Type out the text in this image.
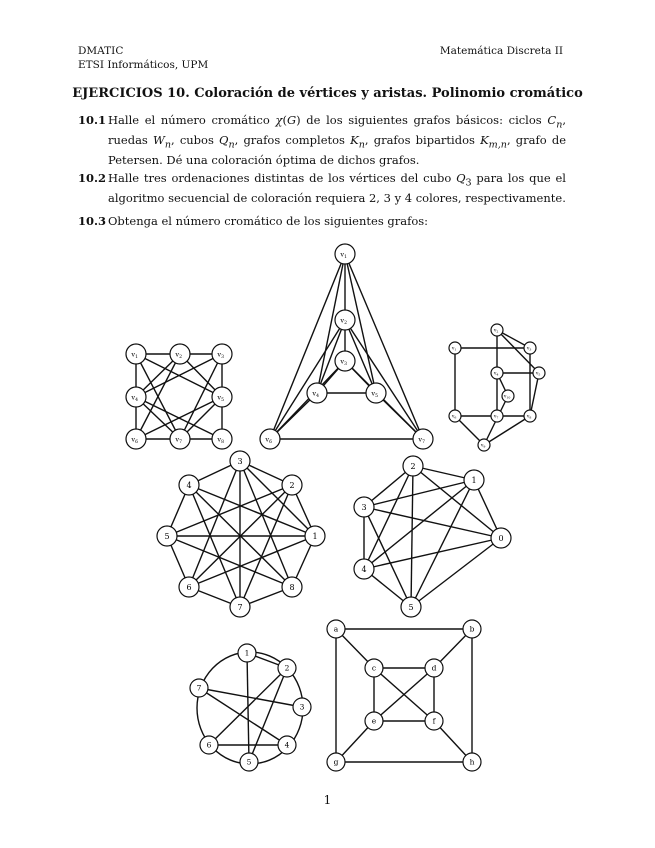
DMATIC
ETSI Informáticos, UPM
Matemática Discreta II
EJERCICIOS 10. Coloración de vértices y aristas. Polinomio cromático
10.1 Halle el número cromático χ(G) de los siguientes grafos básicos: ciclos $C_n$, ruedas $W_n$, cubos $Q_n$, grafos completos $K_n$, grafos bipartidos $K_{m,n}$, grafo de Petersen. Dé una coloración óptima de dichos grafos.
10.2 Halle tres ordenaciones distintas de los vértices del cubo $Q_3$ para los que el algoritmo secuencial de coloración requiera 2, 3 y 4 colores, respectivamente.
10.3 Obtenga el número cromático de los siguientes grafos:
$v_1$	$v_2$	$v_3$
$v_4$	$v_5$
$v_6$	$v_7$	$v_8$
$v_1$
$v_2$
$v_3$
$v_4$	$v_5$
$v_6$	$v_7$
$v_1$
$v_2$
$v_3$
$v_4$	$v_5$
$v_6$	$v_7$	$v_8$
$v_9$
$v_{10}$
1
2
3
4
5
6
7
8
0
1
2
3
4
5
1
2
3
4
5
6
7
a	b
c	d
e	f
g	h
1
